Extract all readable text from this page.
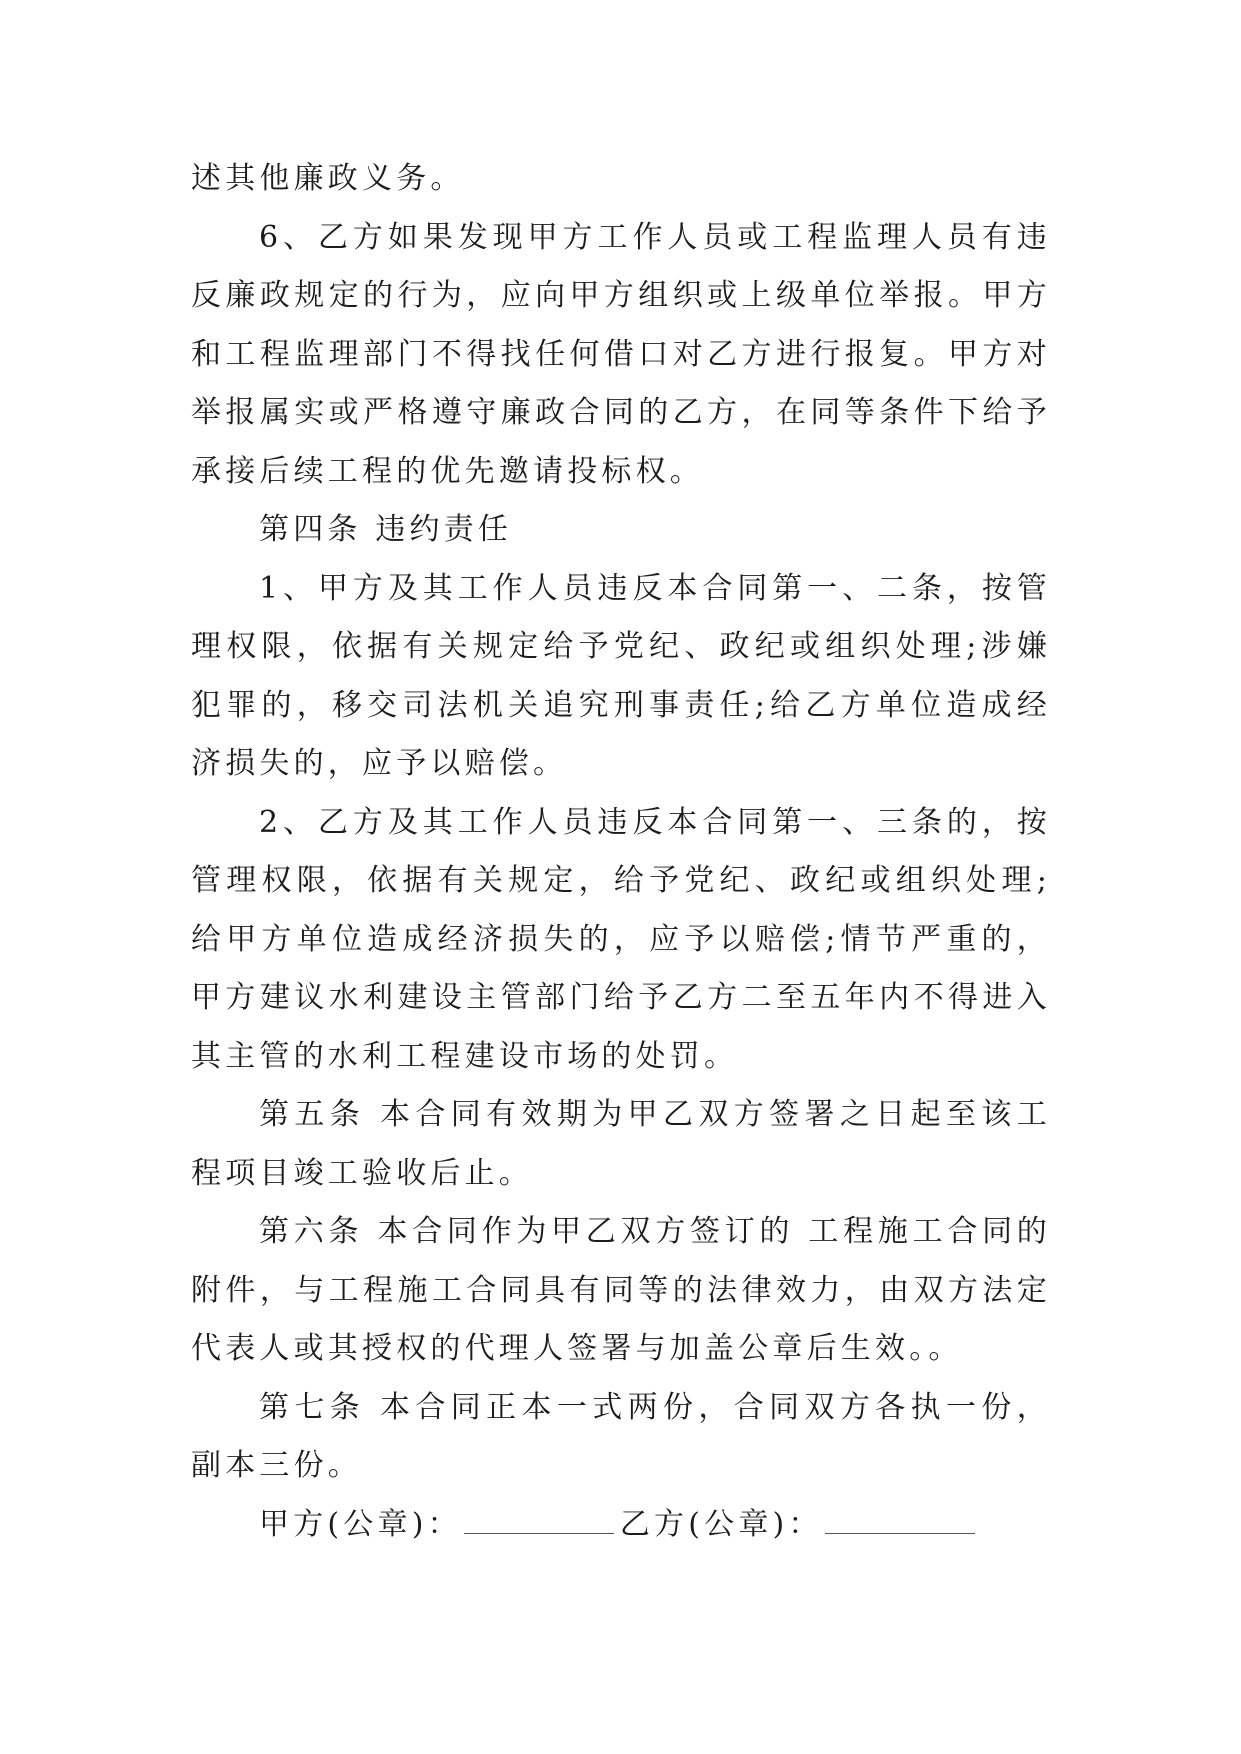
述其他廉政义务。

6、乙方如果发现甲方工作人员或工程监理人员有违反廉政规定的行为，应向甲方组织或上级单位举报。甲方和工程监理部门不得找任何借口对乙方进行报复。甲方对举报属实或严格遵守廉政合同的乙方，在同等条件下给予承接后续工程的优先邀请投标权。

第四条 违约责任

1、甲方及其工作人员违反本合同第一、二条，按管理权限，依据有关规定给予党纪、政纪或组织处理;涉嫌犯罪的，移交司法机关追究刑事责任;给乙方单位造成经济损失的，应予以赔偿。

2、乙方及其工作人员违反本合同第一、三条的，按管理权限，依据有关规定，给予党纪、政纪或组织处理;给甲方单位造成经济损失的，应予以赔偿;情节严重的，甲方建议水利建设主管部门给予乙方二至五年内不得进入其主管的水利工程建设市场的处罚。

第五条 本合同有效期为甲乙双方签署之日起至该工程项目竣工验收后止。

第六条 本合同作为甲乙双方签订的 工程施工合同的附件，与工程施工合同具有同等的法律效力，由双方法定代表人或其授权的代理人签署与加盖公章后生效。。

第七条 本合同正本一式两份，合同双方各执一份，副本三份。

甲方(公章)：	乙方(公章)：
